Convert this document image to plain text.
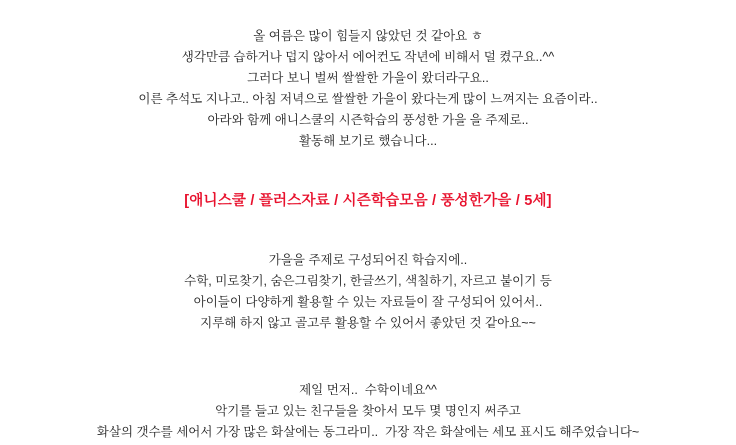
올 여름은 많이 힘들지 않았던 것 같아요 ㅎ
생각만큼 습하거나 덥지 않아서 에어컨도 작년에 비해서 덜 켰구요..^^
그러다 보니 벌써 쌀쌀한 가을이 왔더라구요..
이른 추석도 지나고.. 아침 저녁으로 쌀쌀한 가을이 왔다는게 많이 느껴지는 요즘이라..
아라와 함께 애니스쿨의 시즌학습의 풍성한 가을 을 주제로..
활동해 보기로 했습니다...
[애니스쿨 / 플러스자료 / 시즌학습모음 / 풍성한가을 / 5세]
가을을 주제로 구성되어진 학습지에..
수학, 미로찾기, 숨은그림찾기, 한글쓰기, 색칠하기, 자르고 붙이기 등
아이들이 다양하게 활용할 수 있는 자료들이 잘 구성되어 있어서..
지루해 하지 않고 골고루 활용할 수 있어서 좋았던 것 같아요~~
제일 먼저..  수학이네요^^
악기를 들고 있는 친구들을 찾아서 모두 몇 명인지 써주고
화살의 갯수를 세어서 가장 많은 화살에는 동그라미..  가장 작은 화살에는 세모 표시도 해주었습니다~
